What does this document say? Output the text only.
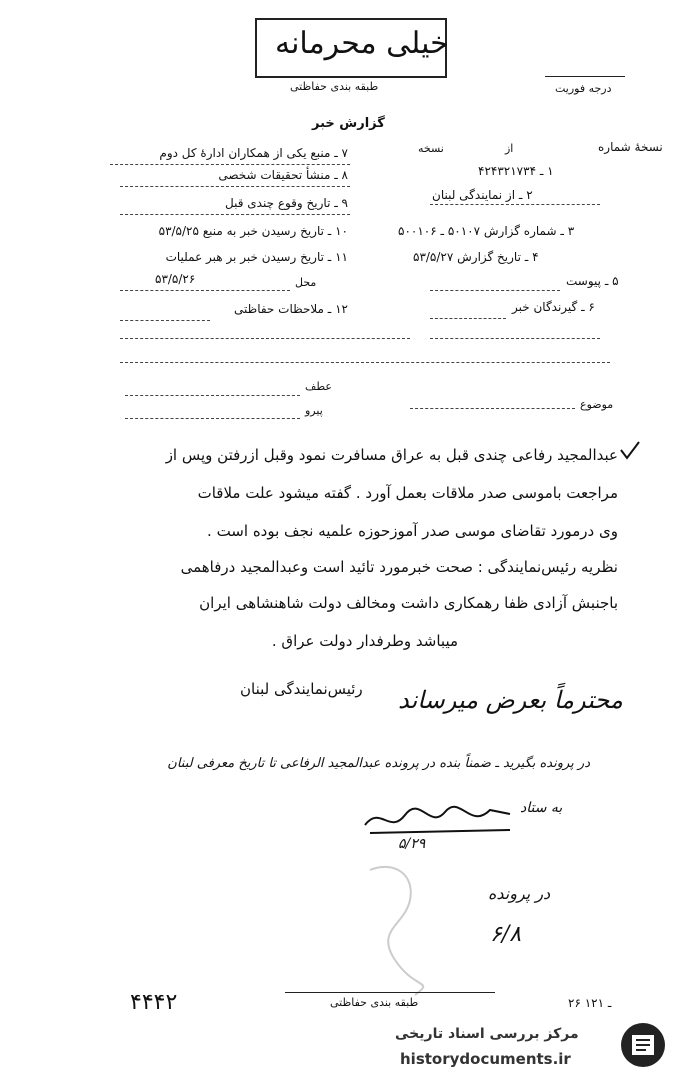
خیلی محرمانه
طبقه بندی حفاظتی	درجه فوریت
گزارش خبر
۷ ـ منبع یکی از همکاران ادارهٔ کل دوم
۸ ـ منشأ تحقیقات شخصی
۹ ـ تاریخ وقوع چندی قبل
۱۰ ـ تاریخ رسیدن خبر به منبع ۵۳/۵/۲۵
۱۱ ـ تاریخ رسیدن خبر بر هبر عملیات
۵۳/۵/۲۶	محل
۱۲ ـ ملاحظات حفاظتی
نسخهٔ شماره
از
نسخه
۱ ـ ۴۲۴۳۲۱۷۳۴
۲ ـ از نمایندگی لبنان
۳ ـ شماره گزارش ۵۰۱۰۷ ـ ۵۰۰۱۰۶
۴ ـ تاریخ گزارش ۵۳/۵/۲۷
۵ ـ پیوست
۶ ـ گیرندگان خبر
عطف
پیرو	موضوع
عبدالمجید رفاعی چندی قبل به عراق مسافرت نمود وقبل ازرفتن وپس از
مراجعت باموسی صدر ملاقات بعمل آورد . گفته میشود علت ملاقات
وی درمورد تقاضای موسی صدر آموزحوزه علمیه نجف بوده است .
نظریه رئیس‌نمایندگی : صحت خبرمورد تائید است وعبدالمجید درفاهمی
باجنبش آزادی ظفا رهمکاری داشت ومخالف دولت شاهنشاهی ایران
میباشد وطرفدار دولت عراق .
رئیس‌نمایندگی لبنان محترماً بعرض میرساند
در پرونده بگیرید ـ ضمناً بنده در پرونده عبدالمجید الرفاعی تا تاریخ معرفی لبنان
به ستاد
۵/۲۹
در پرونده
۶/۸
طبقه بندی حفاظتی
۴۴۴۲	۲۶ ـ ۱۲۱
مرکز بررسی اسناد تاریخی
historydocuments.ir
